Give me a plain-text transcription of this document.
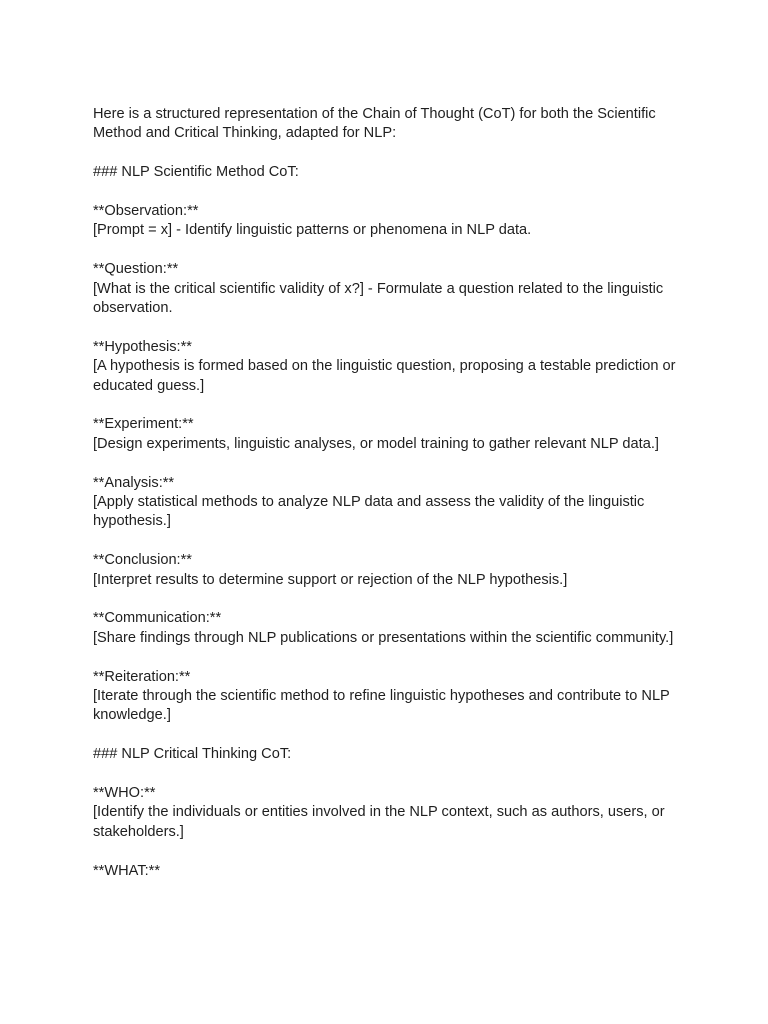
Here is a structured representation of the Chain of Thought (CoT) for both the Scientific Method and Critical Thinking, adapted for NLP:

### NLP Scientific Method CoT:

**Observation:**
[Prompt = x] - Identify linguistic patterns or phenomena in NLP data.
**Question:**
[What is the critical scientific validity of x?] - Formulate a question related to the linguistic observation.
**Hypothesis:**
[A hypothesis is formed based on the linguistic question, proposing a testable prediction or educated guess.]
**Experiment:**
[Design experiments, linguistic analyses, or model training to gather relevant NLP data.]
**Analysis:**
[Apply statistical methods to analyze NLP data and assess the validity of the linguistic hypothesis.]
**Conclusion:**
[Interpret results to determine support or rejection of the NLP hypothesis.]
**Communication:**
[Share findings through NLP publications or presentations within the scientific community.]
**Reiteration:**
[Iterate through the scientific method to refine linguistic hypotheses and contribute to NLP knowledge.]

### NLP Critical Thinking CoT:

**WHO:**
[Identify the individuals or entities involved in the NLP context, such as authors, users, or stakeholders.]

**WHAT:**
